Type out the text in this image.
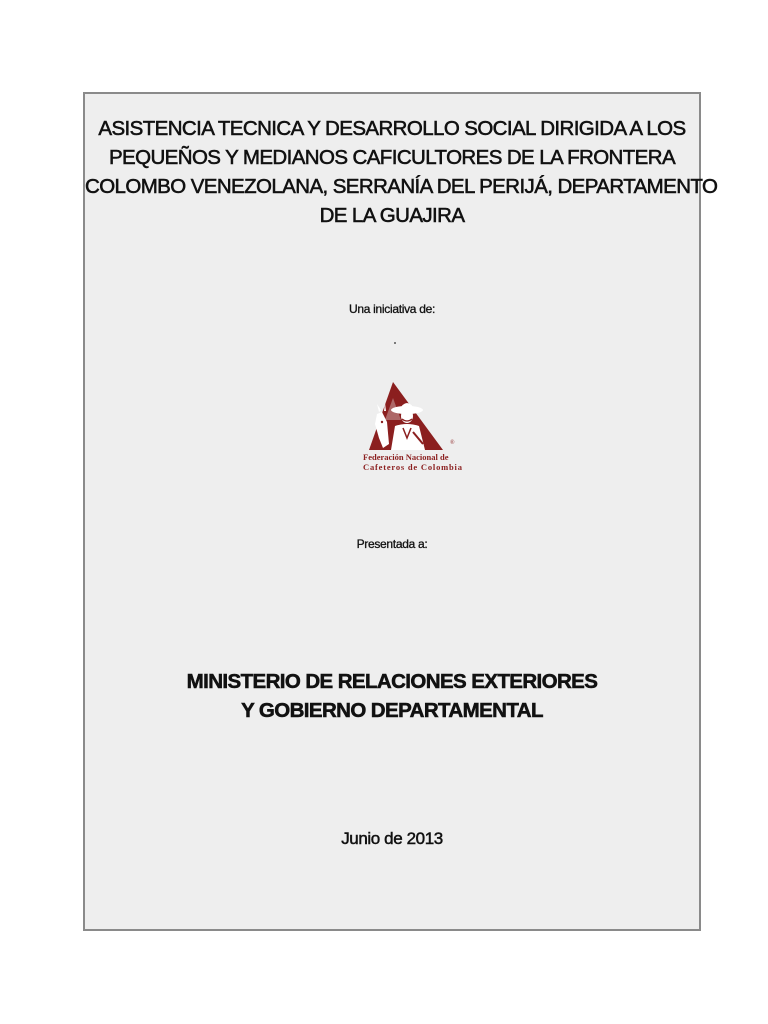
ASISTENCIA TECNICA Y DESARROLLO SOCIAL DIRIGIDA A LOS
PEQUEÑOS Y MEDIANOS CAFICULTORES DE LA FRONTERA
COLOMBO VENEZOLANA, SERRANÍA DEL PERIJÁ, DEPARTAMENTO
DE LA GUAJIRA
Una iniciativa de:
®
Federación Nacional de
Cafeteros de Colombia
Presentada a:
MINISTERIO DE RELACIONES EXTERIORES
Y GOBIERNO DEPARTAMENTAL
Junio de 2013
